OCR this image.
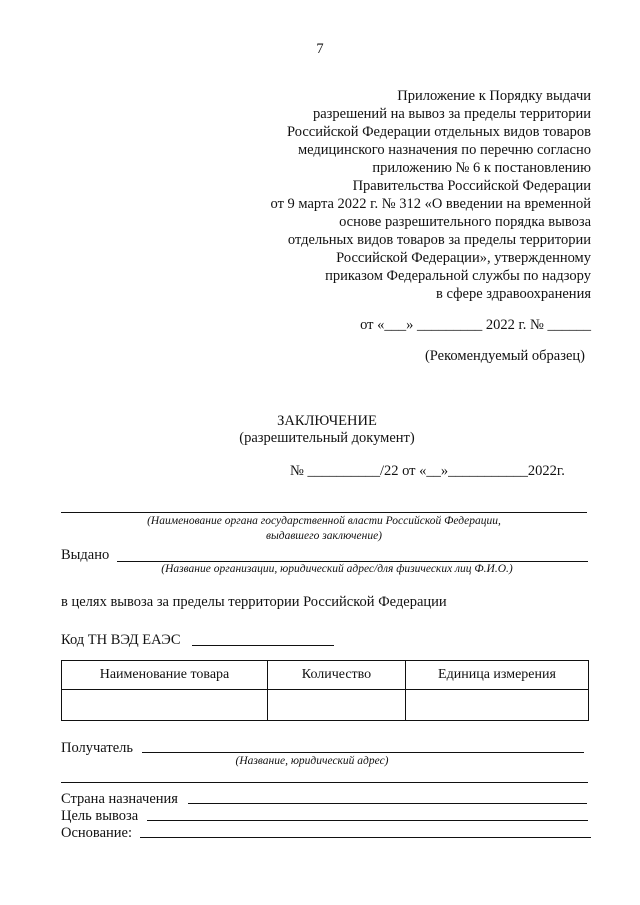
7
Приложение к Порядку выдачи
разрешений на вывоз за пределы территории
Российской Федерации отдельных видов товаров
медицинского назначения по перечню согласно
приложению № 6 к постановлению
Правительства Российской Федерации
от 9 марта 2022 г. № 312 «О введении на временной
основе разрешительного порядка вывоза
отдельных видов товаров за пределы территории
Российской Федерации», утвержденному
приказом Федеральной службы по надзору
в сфере здравоохранения
от «___» _________ 2022 г. № ______
(Рекомендуемый образец)
ЗАКЛЮЧЕНИЕ
(разрешительный документ)
№ __________/22 от «__»___________2022г.
(Наименование органа государственной власти Российской Федерации,
выдавшего заключение)
Выдано
(Название организации, юридический адрес/для физических лиц Ф.И.О.)
в целях вывоза за пределы территории Российской Федерации
Код ТН ВЭД ЕАЭС
Наименование товара	Количество	Единица измерения

Получатель
(Название, юридический адрес)
Страна назначения
Цель вывоза
Основание:
